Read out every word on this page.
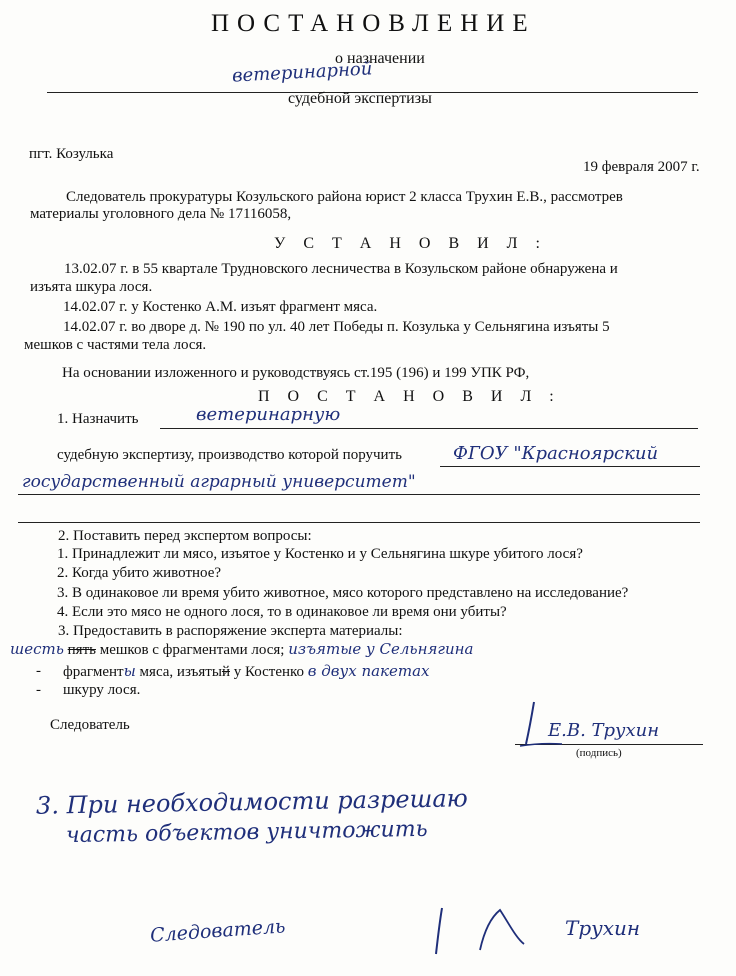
ПОСТАНОВЛЕНИЕ
о назначении
ветеринарной
судебной экспертизы
пгт. Козулька
19 февраля 2007 г.
Следователь прокуратуры Козульского района юрист 2 класса Трухин Е.В., рассмотрев
материалы уголовного дела № 17116058,
У С Т А Н О В И Л :
13.02.07 г. в 55 квартале Трудновского лесничества в Козульском районе обнаружена и
изъята шкура лося.
14.02.07 г. у Костенко А.М. изъят фрагмент мяса.
14.02.07 г. во дворе д. № 190 по ул. 40 лет Победы п. Козулька у Сельнягина изъяты 5
мешков с частями тела лося.
На основании изложенного и руководствуясь ст.195 (196) и 199 УПК РФ,
П О С Т А Н О В И Л :
1. Назначить	ветеринарную
судебную экспертизу, производство которой поручить	ФГОУ "Красноярский
государственный аграрный университет"
2. Поставить перед экспертом вопросы:
1. Принадлежит ли мясо, изъятое у Костенко и у Сельнягина шкуре убитого лося?
2. Когда убито животное?
3. В одинаковое ли время убито животное, мясо которого представлено на исследование?
4. Если это мясо не одного лося, то в одинаковое ли время они убиты?
3. Предоставить в распоряжение эксперта материалы:
шесть пять мешков с фрагментами лося; изъятые у Сельнягина
- фрагменты мяса, изъятый у Костенко в двух пакетах
- шкуру лося.
Следователь	Е.В. Трухин
(подпись)
3. При необходимости разрешаю
часть объектов уничтожить
Следователь	Трухин
